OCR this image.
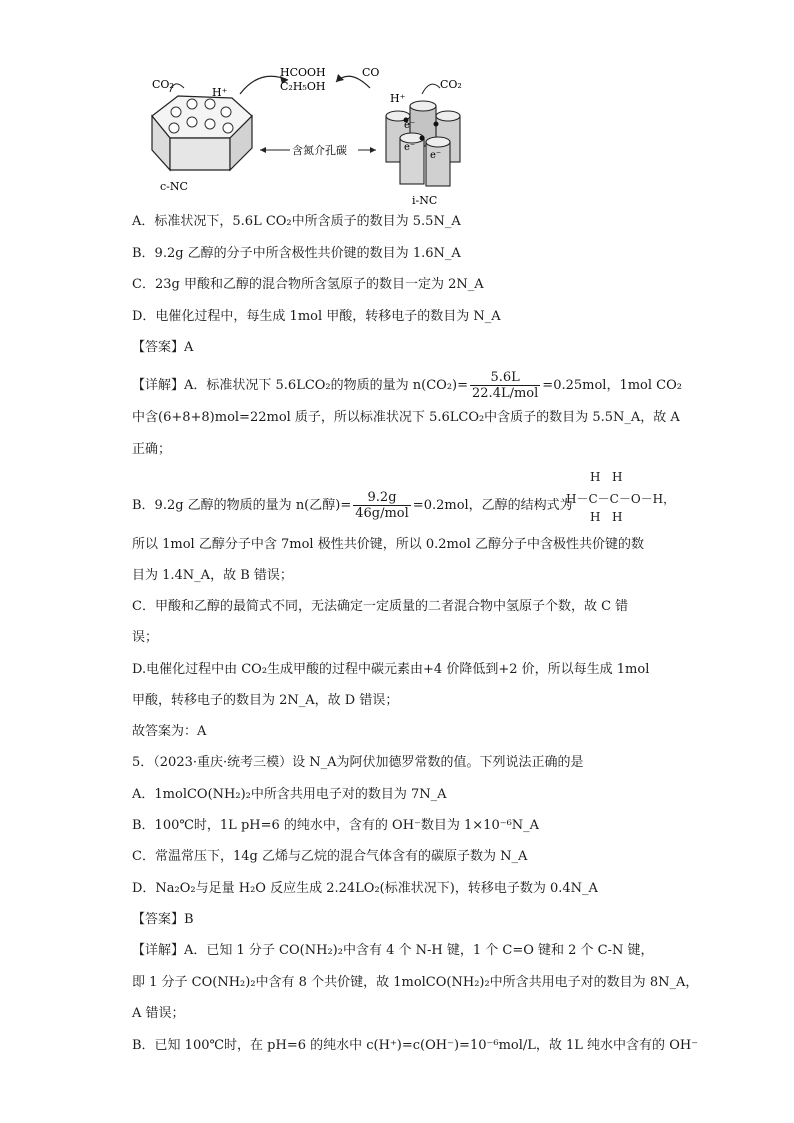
CO₂
H⁺
c-NC
HCOOH
C₂H₅OH
含氮介孔碳
CO
CO₂
H⁺
e⁻
e⁻
e⁻
i-NC
A．标准状况下，5.6L CO₂中所含质子的数目为 5.5N_A
B．9.2g 乙醇的分子中所含极性共价键的数目为 1.6N_A
C．23g 甲酸和乙醇的混合物所含氢原子的数目一定为 2N_A
D．电催化过程中，每生成 1mol 甲酸，转移电子的数目为 N_A
【答案】A
【详解】A．标准状况下 5.6LCO₂的物质的量为 $n(CO_2)= \frac{5.6L}{\text{22.4L/mol}} =0.25mol$，1mol CO₂
中含(6+8+8)mol=22mol 质子，所以标准状况下 5.6LCO₂中含质子的数目为 5.5N_A，故 A
正确；
B．9.2g 乙醇的物质的量为 n(乙醇)= $\frac{9.2g}{\text{46g/mol}} =0.2mol$，乙醇的结构式为
H H
H－C－C－O－H，
H H
所以 1mol 乙醇分子中含 7mol 极性共价键，所以 0.2mol 乙醇分子中含极性共价键的数
目为 1.4N_A，故 B 错误；
C．甲酸和乙醇的最简式不同，无法确定一定质量的二者混合物中氢原子个数，故 C 错
误；
D.电催化过程中由 CO₂生成甲酸的过程中碳元素由+4 价降低到+2 价，所以每生成 1mol
甲酸，转移电子的数目为 2N_A，故 D 错误；
故答案为：A
5．（2023·重庆·统考三模）设 N_A为阿伏加德罗常数的值。下列说法正确的是
A．1molCO(NH₂)₂中所含共用电子对的数目为 7N_A
B．100℃时，1L pH=6 的纯水中，含有的 OH⁻数目为 1×10⁻⁶N_A
C．常温常压下，14g 乙烯与乙烷的混合气体含有的碳原子数为 N_A
D．Na₂O₂与足量 H₂O 反应生成 2.24LO₂(标准状况下)，转移电子数为 0.4N_A
【答案】B
【详解】A．已知 1 分子 CO(NH₂)₂中含有 4 个 N-H 键，1 个 C=O 键和 2 个 C-N 键，
即 1 分子 CO(NH₂)₂中含有 8 个共价键，故 1molCO(NH₂)₂中所含共用电子对的数目为 8N_A，
A 错误；
B．已知 100℃时，在 pH=6 的纯水中 c(H⁺)=c(OH⁻)=10⁻⁶mol/L，故 1L 纯水中含有的 OH⁻
